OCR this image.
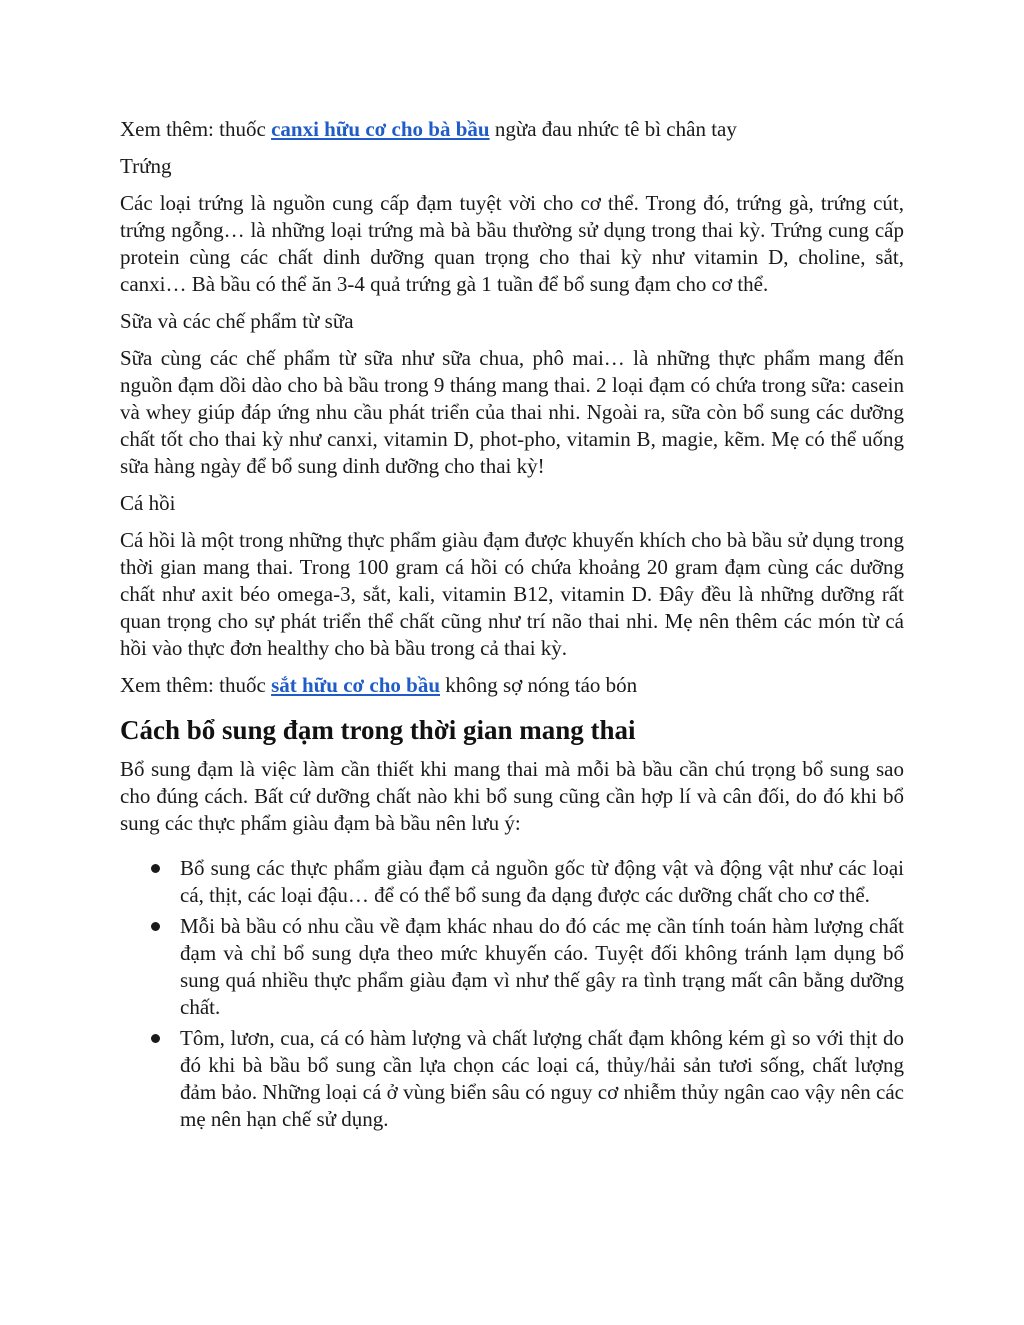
Xem thêm: thuốc canxi hữu cơ cho bà bầu ngừa đau nhức tê bì chân tay

Trứng

Các loại trứng là nguồn cung cấp đạm tuyệt vời cho cơ thể. Trong đó, trứng gà, trứng cút, trứng ngỗng… là những loại trứng mà bà bầu thường sử dụng trong thai kỳ. Trứng cung cấp protein cùng các chất dinh dưỡng quan trọng cho thai kỳ như vitamin D, choline, sắt, canxi… Bà bầu có thể ăn 3-4 quả trứng gà 1 tuần để bổ sung đạm cho cơ thể.

Sữa và các chế phẩm từ sữa

Sữa cùng các chế phẩm từ sữa như sữa chua, phô mai… là những thực phẩm mang đến nguồn đạm dồi dào cho bà bầu trong 9 tháng mang thai. 2 loại đạm có chứa trong sữa: casein và whey giúp đáp ứng nhu cầu phát triển của thai nhi. Ngoài ra, sữa còn bổ sung các dưỡng chất tốt cho thai kỳ như canxi, vitamin D, phot-pho, vitamin B, magie, kẽm. Mẹ có thể uống sữa hàng ngày để bổ sung dinh dưỡng cho thai kỳ!

Cá hồi

Cá hồi là một trong những thực phẩm giàu đạm được khuyến khích cho bà bầu sử dụng trong thời gian mang thai. Trong 100 gram cá hồi có chứa khoảng 20 gram đạm cùng các dưỡng chất như axit béo omega-3, sắt, kali, vitamin B12, vitamin D. Đây đều là những dưỡng rất quan trọng cho sự phát triển thể chất cũng như trí não thai nhi. Mẹ nên thêm các món từ cá hồi vào thực đơn healthy cho bà bầu trong cả thai kỳ.

Xem thêm: thuốc sắt hữu cơ cho bầu không sợ nóng táo bón

Cách bổ sung đạm trong thời gian mang thai

Bổ sung đạm là việc làm cần thiết khi mang thai mà mỗi bà bầu cần chú trọng bổ sung sao cho đúng cách. Bất cứ dưỡng chất nào khi bổ sung cũng cần hợp lí và cân đối, do đó khi bổ sung các thực phẩm giàu đạm bà bầu nên lưu ý:

Bổ sung các thực phẩm giàu đạm cả nguồn gốc từ động vật và động vật như các loại cá, thịt, các loại đậu… để có thể bổ sung đa dạng được các dưỡng chất cho cơ thể.
Mỗi bà bầu có nhu cầu về đạm khác nhau do đó các mẹ cần tính toán hàm lượng chất đạm và chỉ bổ sung dựa theo mức khuyến cáo. Tuyệt đối không tránh lạm dụng bổ sung quá nhiều thực phẩm giàu đạm vì như thế gây ra tình trạng mất cân bằng dưỡng chất.
Tôm, lươn, cua, cá có hàm lượng và chất lượng chất đạm không kém gì so với thịt do đó khi bà bầu bổ sung cần lựa chọn các loại cá, thủy/hải sản tươi sống, chất lượng đảm bảo. Những loại cá ở vùng biển sâu có nguy cơ nhiễm thủy ngân cao vậy nên các mẹ nên hạn chế sử dụng.
